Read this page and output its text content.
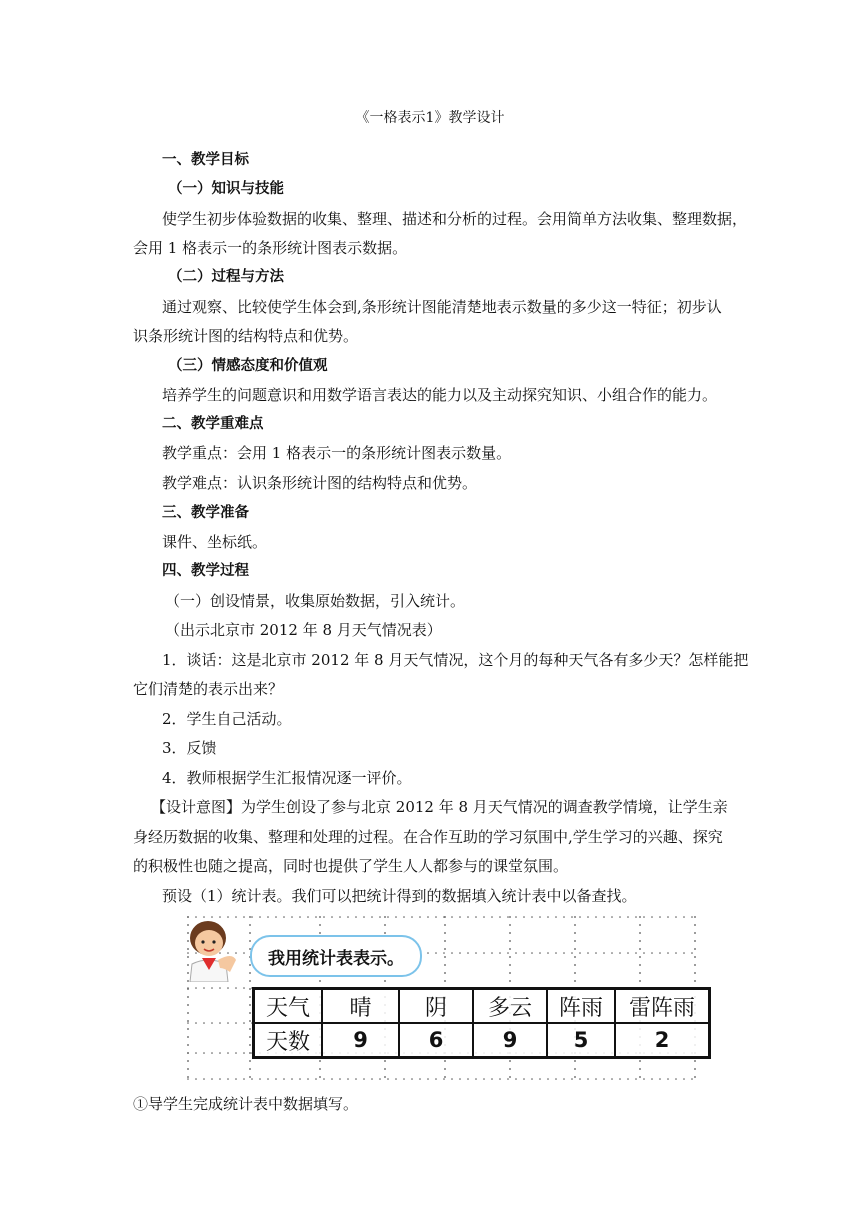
《一格表示1》教学设计
一、教学目标
（一）知识与技能
使学生初步体验数据的收集、整理、描述和分析的过程。会用简单方法收集、整理数据，
会用 1 格表示一的条形统计图表示数据。
（二）过程与方法
通过观察、比较使学生体会到,条形统计图能清楚地表示数量的多少这一特征；初步认
识条形统计图的结构特点和优势。
（三）情感态度和价值观
培养学生的问题意识和用数学语言表达的能力以及主动探究知识、小组合作的能力。
二、教学重难点
教学重点：会用 1 格表示一的条形统计图表示数量。
教学难点：认识条形统计图的结构特点和优势。
三、教学准备
课件、坐标纸。
四、教学过程
（一）创设情景，收集原始数据，引入统计。
（出示北京市 2012 年 8 月天气情况表）
1．谈话：这是北京市 2012 年 8 月天气情况，这个月的每种天气各有多少天？怎样能把
它们清楚的表示出来？
2．学生自己活动。
3．反馈
4．教师根据学生汇报情况逐一评价。
【设计意图】为学生创设了参与北京 2012 年 8 月天气情况的调查教学情境，让学生亲
身经历数据的收集、整理和处理的过程。在合作互助的学习氛围中,学生学习的兴趣、探究
的积极性也随之提高，同时也提供了学生人人都参与的课堂氛围。
预设（1）统计表。我们可以把统计得到的数据填入统计表中以备查找。
我用统计表表示。
天气	晴	阴	多云	阵雨	雷阵雨
天数	9	6	9	5	2
①导学生完成统计表中数据填写。
